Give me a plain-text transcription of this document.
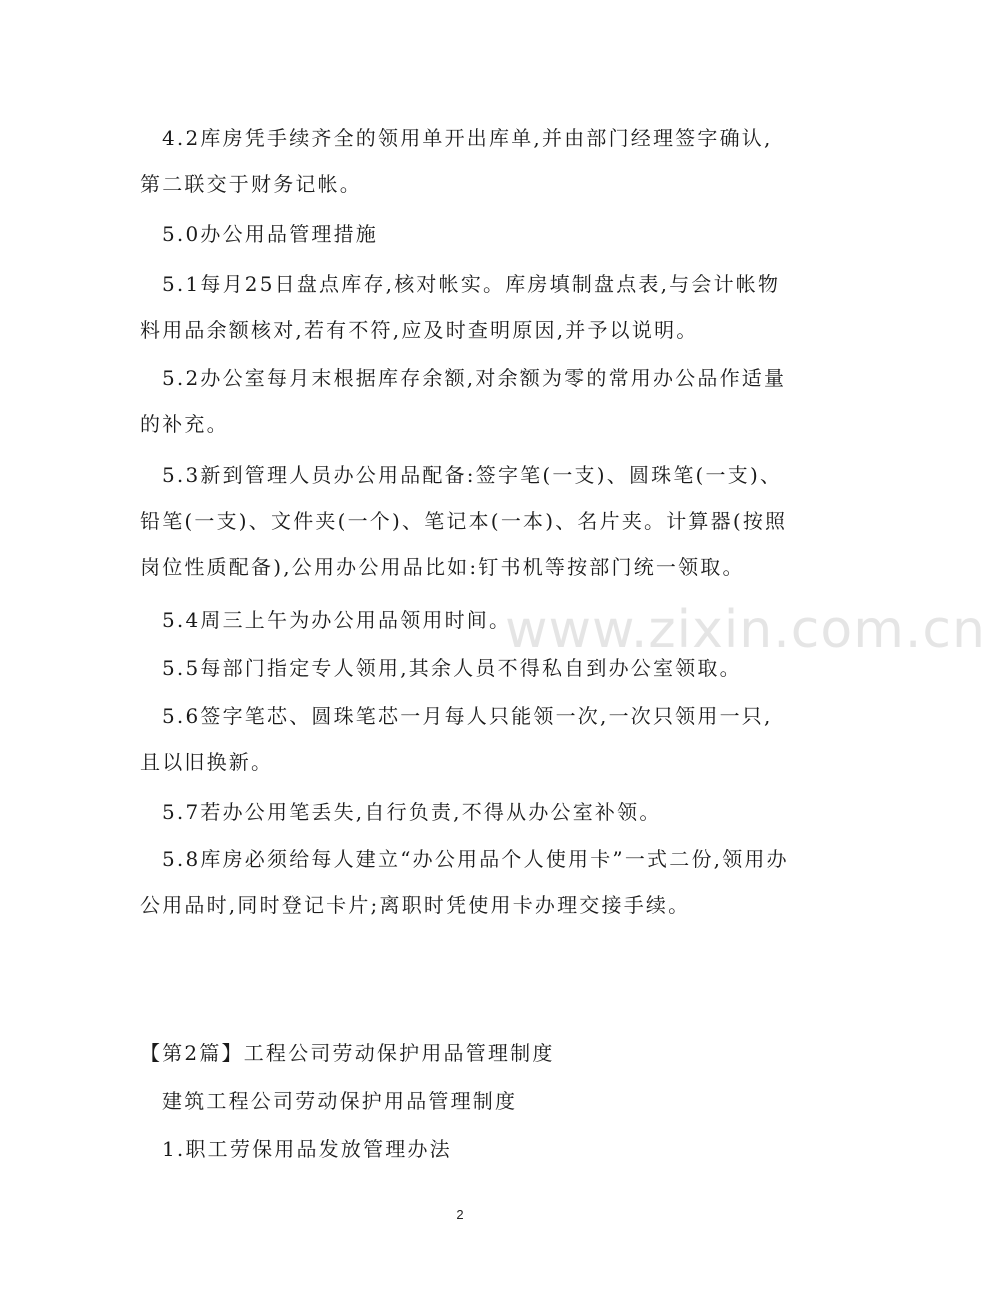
4.2库房凭手续齐全的领用单开出库单,并由部门经理签字确认,第二联交于财务记帐。

5.0办公用品管理措施

5.1每月25日盘点库存,核对帐实。库房填制盘点表,与会计帐物料用品余额核对,若有不符,应及时查明原因,并予以说明。

5.2办公室每月末根据库存余额,对余额为零的常用办公品作适量的补充。

5.3新到管理人员办公用品配备:签字笔(一支)、圆珠笔(一支)、铅笔(一支)、文件夹(一个)、笔记本(一本)、名片夹。计算器(按照岗位性质配备),公用办公用品比如:钉书机等按部门统一领取。

5.4周三上午为办公用品领用时间。

5.5每部门指定专人领用,其余人员不得私自到办公室领取。

5.6签字笔芯、圆珠笔芯一月每人只能领一次,一次只领用一只,且以旧换新。

5.7若办公用笔丢失,自行负责,不得从办公室补领。

5.8库房必须给每人建立“办公用品个人使用卡”一式二份,领用办公用品时,同时登记卡片;离职时凭使用卡办理交接手续。

【第2篇】工程公司劳动保护用品管理制度

建筑工程公司劳动保护用品管理制度

1.职工劳保用品发放管理办法

www.zixin.com.cn
2
